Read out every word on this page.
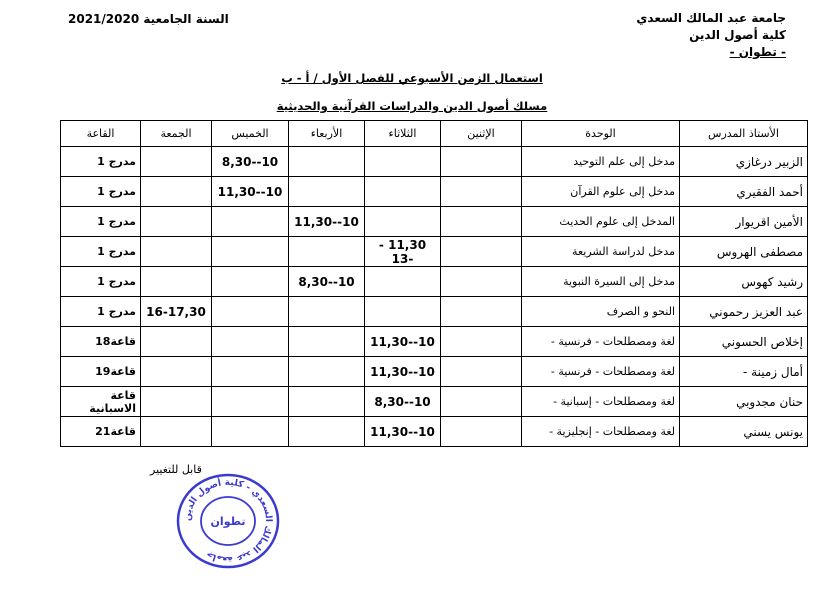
جامعة عبد المالك السعدي
كلية أصول الدين
- تطوان -
السنة الجامعية 2021/2020
استعمال الزمن الأسبوعي للفصل الأول / أ - ب
مسلك أصول الدين والدراسات القرآنية والحديثية
الأستاذ المدرس	الوحدة	الإثنين	الثلاثاء	الأربعاء	الخميس	الجمعة	القاعة
الزبير درغازي	مدخل إلى علم التوحيد				10--8,30		مدرج 1
أحمد الفقيري	مدخل إلى علوم القرآن				10--11,30		مدرج 1
الأمين اقريوار	المدخل إلى علوم الحديث			10--11,30			مدرج 1
مصطفى الهروس	مدخل لدراسة الشريعة		11,30 --13				مدرج 1
رشيد كهوس	مدخل إلى السيرة النبوية			10--8,30			مدرج 1
عبد العزيز رحموني	النحو و الصرف					16-17,30	مدرج 1
إخلاص الحسوني	لغة ومصطلحات - فرنسية -		10--11,30				قاعة18
أمال زمينة -	لغة ومصطلحات - فرنسية -		10--11,30				قاعة19
حنان مجدوبي	لغة ومصطلحات - إسبانية -		10--8,30				قاعة الاسبانية
يونس يسني	لغة ومصطلحات - إنجليزية -		10--11,30				قاعة21
قابل للتغيير
جامعة عبد المالك السعدي - كلية أصول الدين
تطوان
